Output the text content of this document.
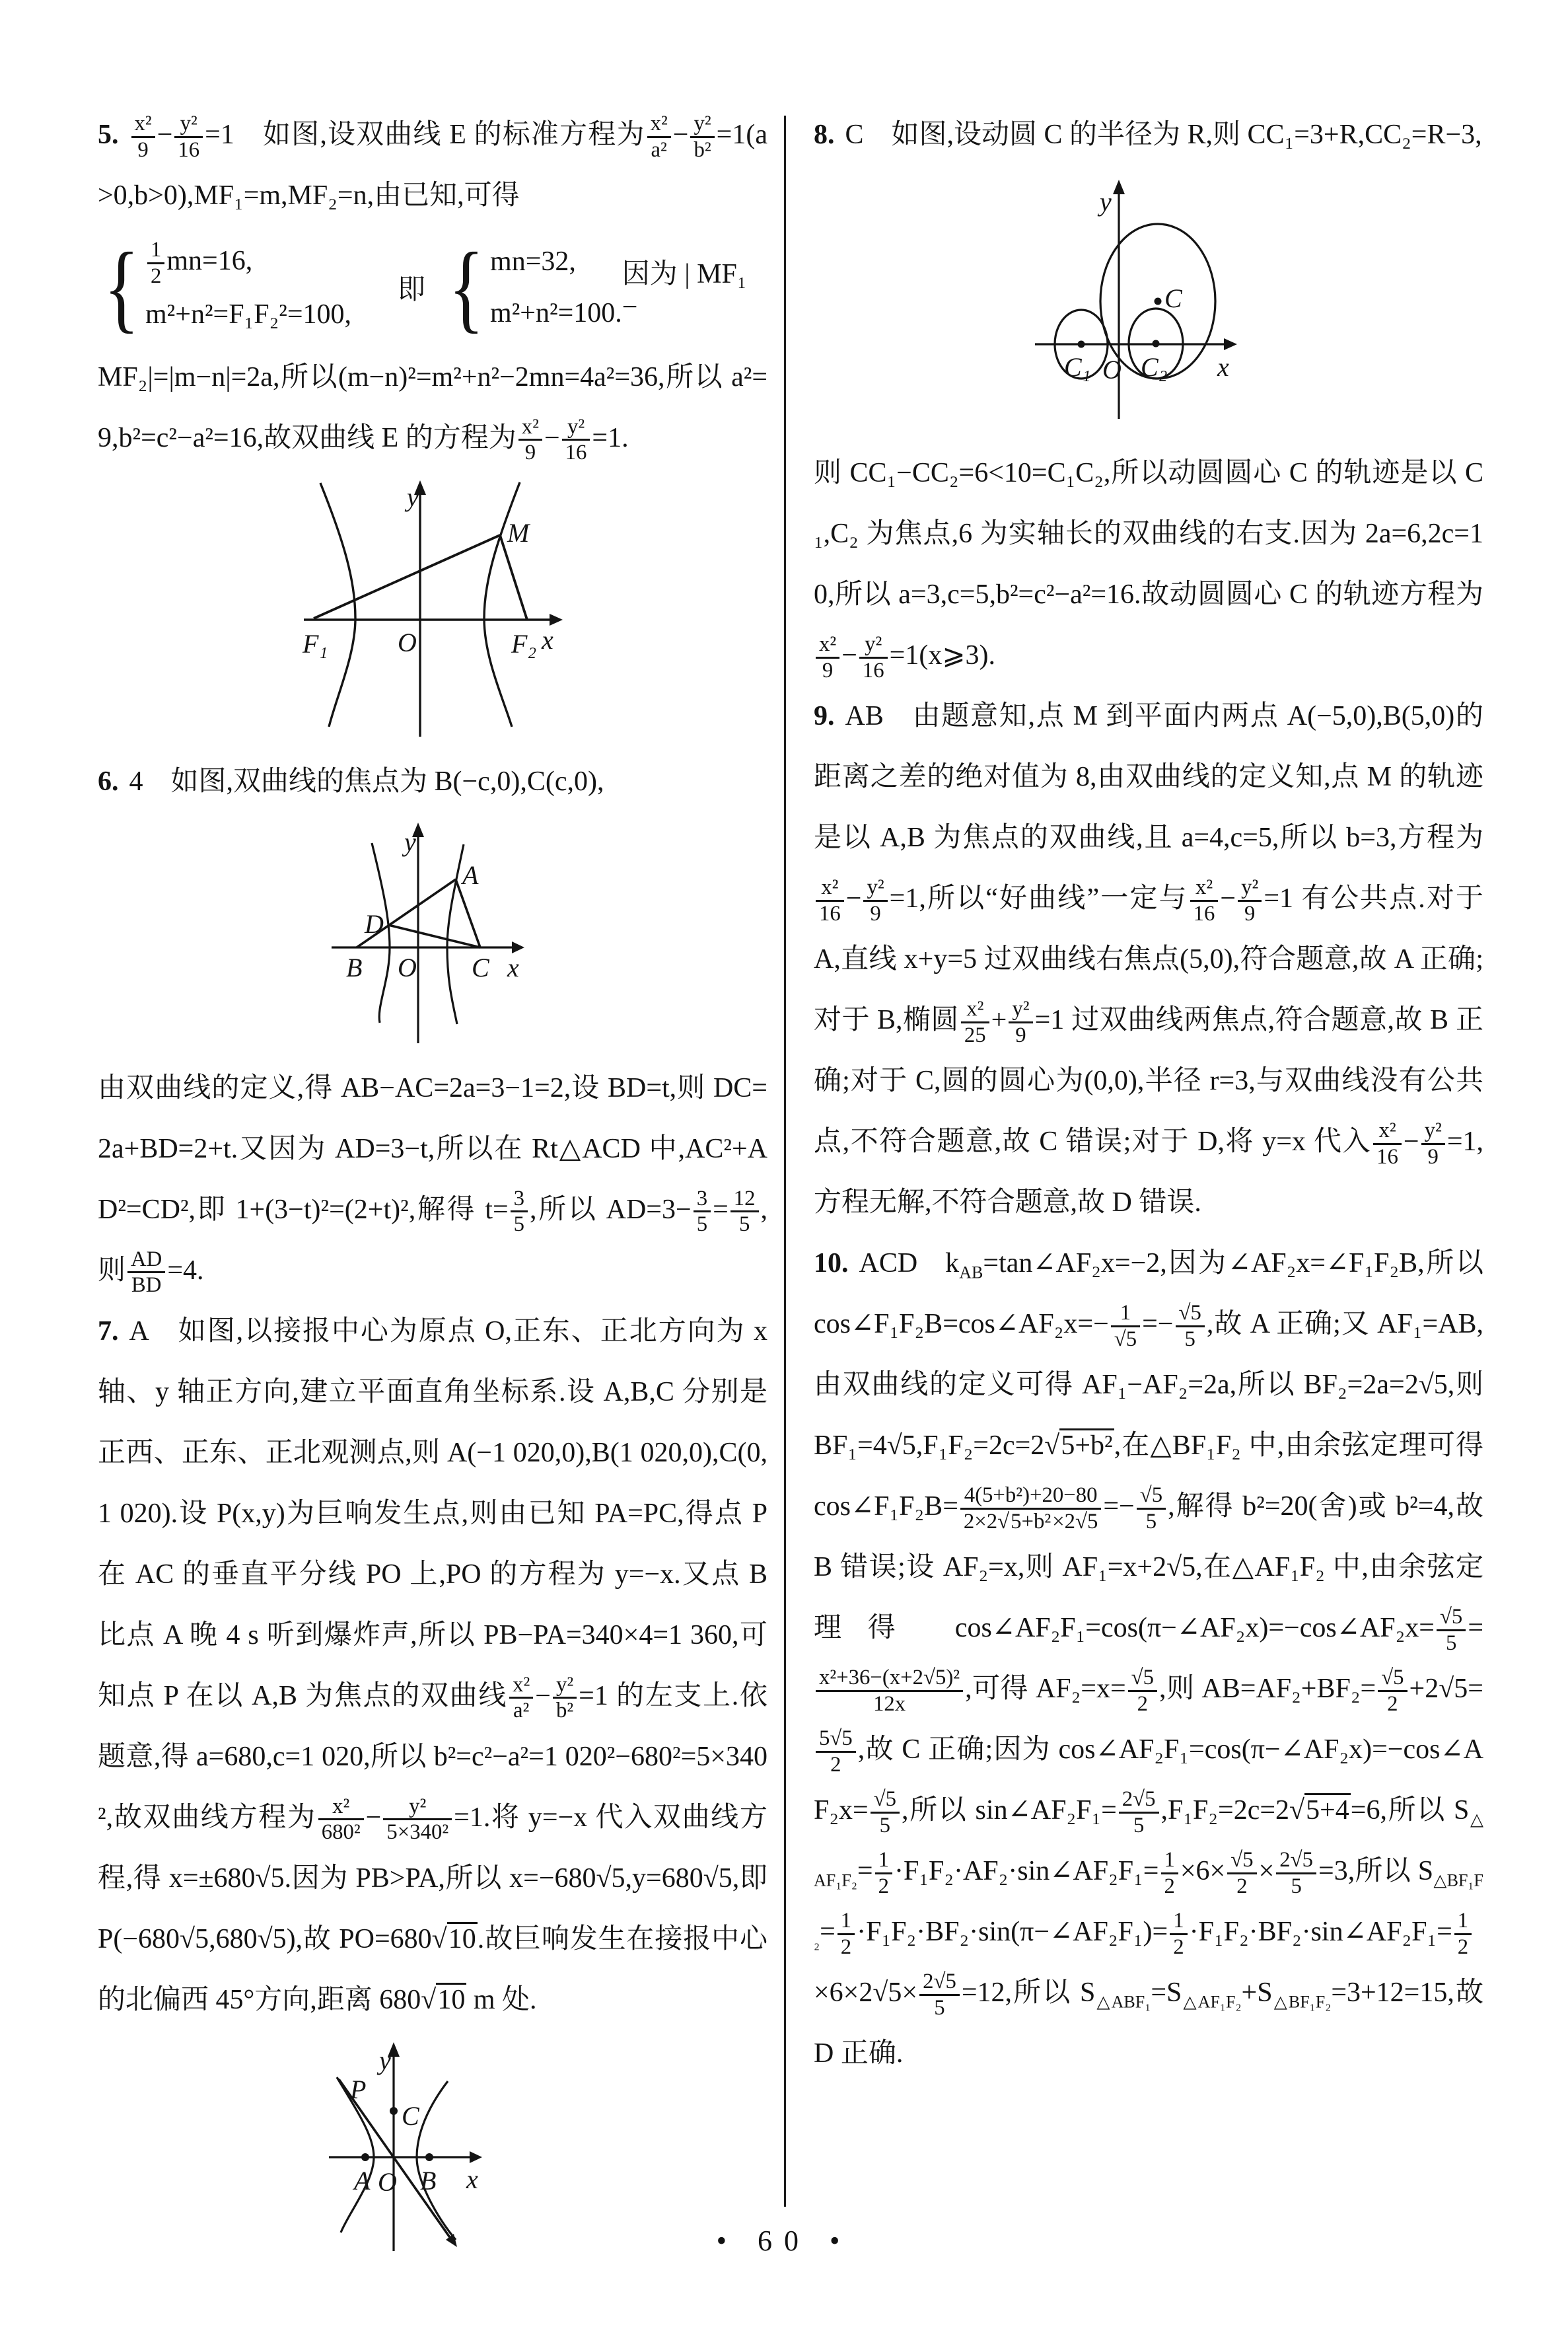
5. $\frac{\text{x²}}{9} - \frac{\text{y²}}{16} =1$ 如图,设双曲线 E 的标准方程为 $\frac{\text{x²}}{\text{a²}} - \frac{\text{y²}}{\text{b²}} =1(a>0,b>0),MF_1=m,MF_2=n$,由已知,可得

{ $\frac{1}{2} mn=16$,
m²+n²=F₁F₂²=100,
即 { mn=32,
m²+n²=100.
因为 | MF₁ −

MF₂|=|m−n|=2a,所以(m−n)²=m²+n²−2mn=4a²=36,所以 a²=9,b²=c²−a²=16,故双曲线 E 的方程为 $\frac{\text{x²}}{9} - \frac{\text{y²}}{16} =1$.

y
x
O
F₁	F₂
M

6. 4 如图,双曲线的焦点为 B(−c,0),C(c,0),

y
x
O
B	C
A
D

由双曲线的定义,得 AB−AC=2a=3−1=2,设 BD=t,则 DC=2a+BD=2+t.又因为 AD=3−t,所以在 Rt△ACD 中,AC²+AD²=CD²,即 1+(3−t)²=(2+t)²,解得 $t= \frac{3}{5}$ ,所以 $AD=3- \frac{3}{5} = \frac{12}{5}$ ,则 $\frac{AD}{BD} =4$.

7. A 如图,以接报中心为原点 O,正东、正北方向为 x 轴、y 轴正方向,建立平面直角坐标系.设 A,B,C 分别是正西、正东、正北观测点,则 A(−1 020,0),B(1 020,0),C(0,1 020).设 P(x,y)为巨响发生点,则由已知 PA=PC,得点 P 在 AC 的垂直平分线 PO 上,PO 的方程为 y=−x.又点 B 比点 A 晚 4 s 听到爆炸声,所以 PB−PA=340×4=1 360,可知点 P 在以 A,B 为焦点的双曲线 $\frac{\text{x²}}{\text{a²}} - \frac{\text{y²}}{\text{b²}} =1$ 的左支上.依题意,得 a=680,c=1 020,所以 b²=c²−a²=1 020²−680²=5×340²,故双曲线方程为 $\frac{\text{x²}}{\text{680²}} - \frac{\text{y²}}{\text{5×340²}} =1$.将 y=−x 代入双曲线方程,得 x=±680√5.因为 PB>PA,所以 x=−680√5,y=680√5,即 P(−680√5,680√5),故 PO=680√10.故巨响发生在接报中心的北偏西 45°方向,距离 680√10 m 处.

y
x
O
A B
C
P

8. C 如图,设动圆 C 的半径为 R,则 CC₁=3+R,CC₂=R−3,

y
x
O
C₁ C₂
C

则 CC₁−CC₂=6<10=C₁C₂,所以动圆圆心 C 的轨迹是以 C₁,C₂ 为焦点,6 为实轴长的双曲线的右支.因为 2a=6,2c=10,所以 a=3,c=5,b²=c²−a²=16.故动圆圆心 C 的轨迹方程为
$\frac{\text{x²}}{9} - \frac{\text{y²}}{16}$ =1(x⩾3).

9. AB 由题意知,点 M 到平面内两点 A(−5,0),B(5,0)的距离之差的绝对值为 8,由双曲线的定义知,点 M 的轨迹是以 A,B 为焦点的双曲线,且 a=4,c=5,所以 b=3,方程为
$\frac{\text{x²}}{16} - \frac{\text{y²}}{9} =1$,所以“好曲线”一定与 $\frac{\text{x²}}{16} - \frac{\text{y²}}{9} =1$ 有公共点.对于 A,直线 x+y=5 过双曲线右焦点(5,0),符合题意,故 A 正确;对于 B,椭圆 $\frac{\text{x²}}{25} + \frac{\text{y²}}{9} =1$ 过双曲线两焦点,符合题意,故 B 正确;对于 C,圆的圆心为(0,0),半径 r=3,与双曲线没有公共点,不符合题意,故 C 错误;对于 D,将 y=x 代入 $\frac{\text{x²}}{16} - \frac{\text{y²}}{9} =1$,方程无解,不符合题意,故 D 错误.

10. ACD $k_{AB}=\tan\angle AF_2x=-2$,因为∠AF₂x=∠F₁F₂B,所以 cos∠F₁F₂B=cos∠AF₂x=− $\frac{1}{√5} =- \frac{√5}{5}$ ,故 A 正确;又 AF₁=AB,由双曲线的定义可得 AF₁−AF₂=2a,所以 BF₂=2a=2√5,则 BF₁=4√5,F₁F₂=2c=2√5+b²,在△BF₁F₂ 中,由余弦定理可得 cos∠F₁F₂B= $\frac{\text{4(5+b²)+20−80}}{\text{2×2√5+b²×2√5}} =- \frac{√5}{5}$ ,解得 b²=20(舍)或 b²=4,故 B 错误;设 AF₂=x,则 AF₁=x+2√5,在△AF₁F₂ 中,由余弦定理得 cos∠AF₂F₁=cos(π−∠AF₂x)=−cos∠AF₂x= $\frac{√5}{5}$ =
$\frac{\text{x²+36−(x+2√5)²}}{12x}$ ,可得 $AF_2=x= \frac{√5}{2}$ ,则 $AB=AF_2+BF_2= \frac{√5}{2} +2√5=$
$\frac{5√5}{2}$ ,故 C 正确;因为 cos∠AF₂F₁=cos(π−∠AF₂x)=−cos∠AF₂x= $\frac{√5}{5}$ ,所以 sin∠AF₂F₁= $\frac{2√5}{5} ,F_1F_2=2c=2√5+4=6$,所以 $S_{\triangle AF_1F_2}= \frac{1}{2}$ ·F₁F₂·AF₂·sin∠AF₂F₁= $\frac{1}{2} \times 6\times \frac{√5}{2} \times \frac{2√5}{5} =3$,所以 $S_{\triangle BF_1F_2}= \frac{1}{2}$ ·F₁F₂·BF₂·sin(π−∠AF₂F₁)= $\frac{1}{2}$ ·F₁F₂·BF₂·sin∠AF₂F₁= $\frac{1}{2}$
$\times 6\times 2√5\times \frac{2√5}{5} =12$,所以 $S_{\triangle ABF_1}=S_{\triangle AF_1F_2}+S_{\triangle BF_1F_2}=3+12=15$,故 D 正确.

• 60 •
